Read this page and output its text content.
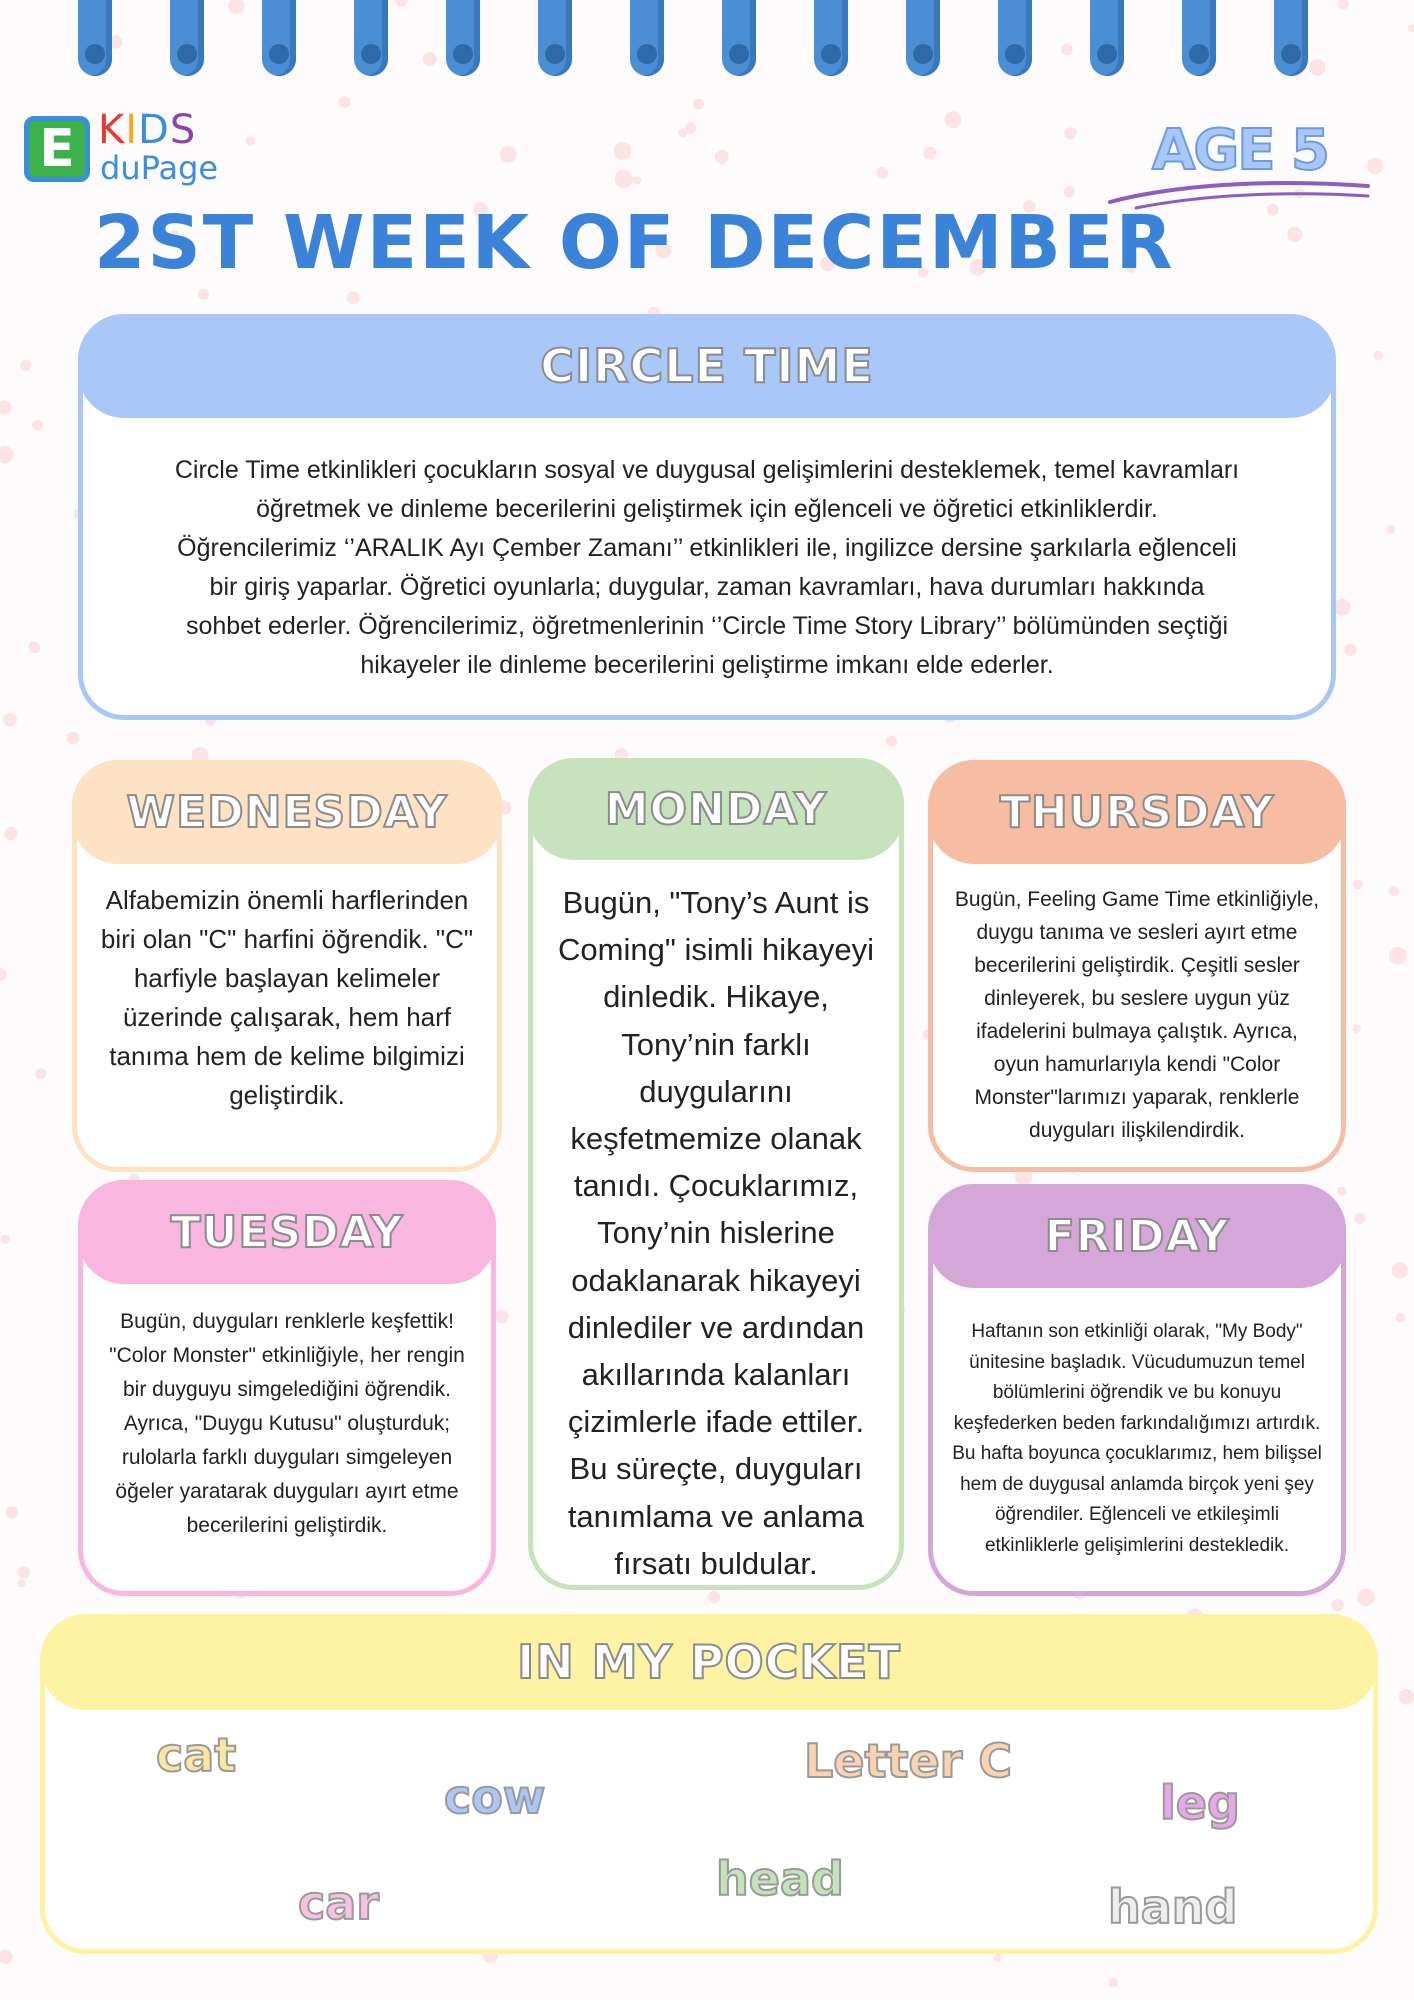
E KIDS
duPage	AGE 5
2ST WEEK OF DECEMBER
CIRCLE TIME
Circle Time etkinlikleri çocukların sosyal ve duygusal gelişimlerini desteklemek, temel kavramları
öğretmek ve dinleme becerilerini geliştirmek için eğlenceli ve öğretici etkinliklerdir.
Öğrencilerimiz ‘’ARALIK Ayı Çember Zamanı’’ etkinlikleri ile, ingilizce dersine şarkılarla eğlenceli
bir giriş yaparlar. Öğretici oyunlarla; duygular, zaman kavramları, hava durumları hakkında
sohbet ederler. Öğrencilerimiz, öğretmenlerinin ‘’Circle Time Story Library’’ bölümünden seçtiği
hikayeler ile dinleme becerilerini geliştirme imkanı elde ederler.
WEDNESDAY
Alfabemizin önemli harflerinden
biri olan "C" harfini öğrendik. "C"
harfiyle başlayan kelimeler
üzerinde çalışarak, hem harf
tanıma hem de kelime bilgimizi
geliştirdik.
MONDAY
Bugün, "Tony’s Aunt is
Coming" isimli hikayeyi
dinledik. Hikaye,
Tony’nin farklı
duygularını
keşfetmemize olanak
tanıdı. Çocuklarımız,
Tony’nin hislerine
odaklanarak hikayeyi
dinlediler ve ardından
akıllarında kalanları
çizimlerle ifade ettiler.
Bu süreçte, duyguları
tanımlama ve anlama
fırsatı buldular.
THURSDAY
Bugün, Feeling Game Time etkinliğiyle,
duygu tanıma ve sesleri ayırt etme
becerilerini geliştirdik. Çeşitli sesler
dinleyerek, bu seslere uygun yüz
ifadelerini bulmaya çalıştık. Ayrıca,
oyun hamurlarıyla kendi "Color
Monster"larımızı yaparak, renklerle
duyguları ilişkilendirdik.
TUESDAY
Bugün, duyguları renklerle keşfettik!
"Color Monster" etkinliğiyle, her rengin
bir duyguyu simgelediğini öğrendik.
Ayrıca, "Duygu Kutusu" oluşturduk;
rulolarla farklı duyguları simgeleyen
öğeler yaratarak duyguları ayırt etme
becerilerini geliştirdik.
FRIDAY
Haftanın son etkinliği olarak, "My Body"
ünitesine başladık. Vücudumuzun temel
bölümlerini öğrendik ve bu konuyu
keşfederken beden farkındalığımızı artırdık.
Bu hafta boyunca çocuklarımız, hem bilişsel
hem de duygusal anlamda birçok yeni şey
öğrendiler. Eğlenceli ve etkileşimli
etkinliklerle gelişimlerini destekledik.
IN MY POCKET
cat
cow
Letter C
leg
car	head
hand
